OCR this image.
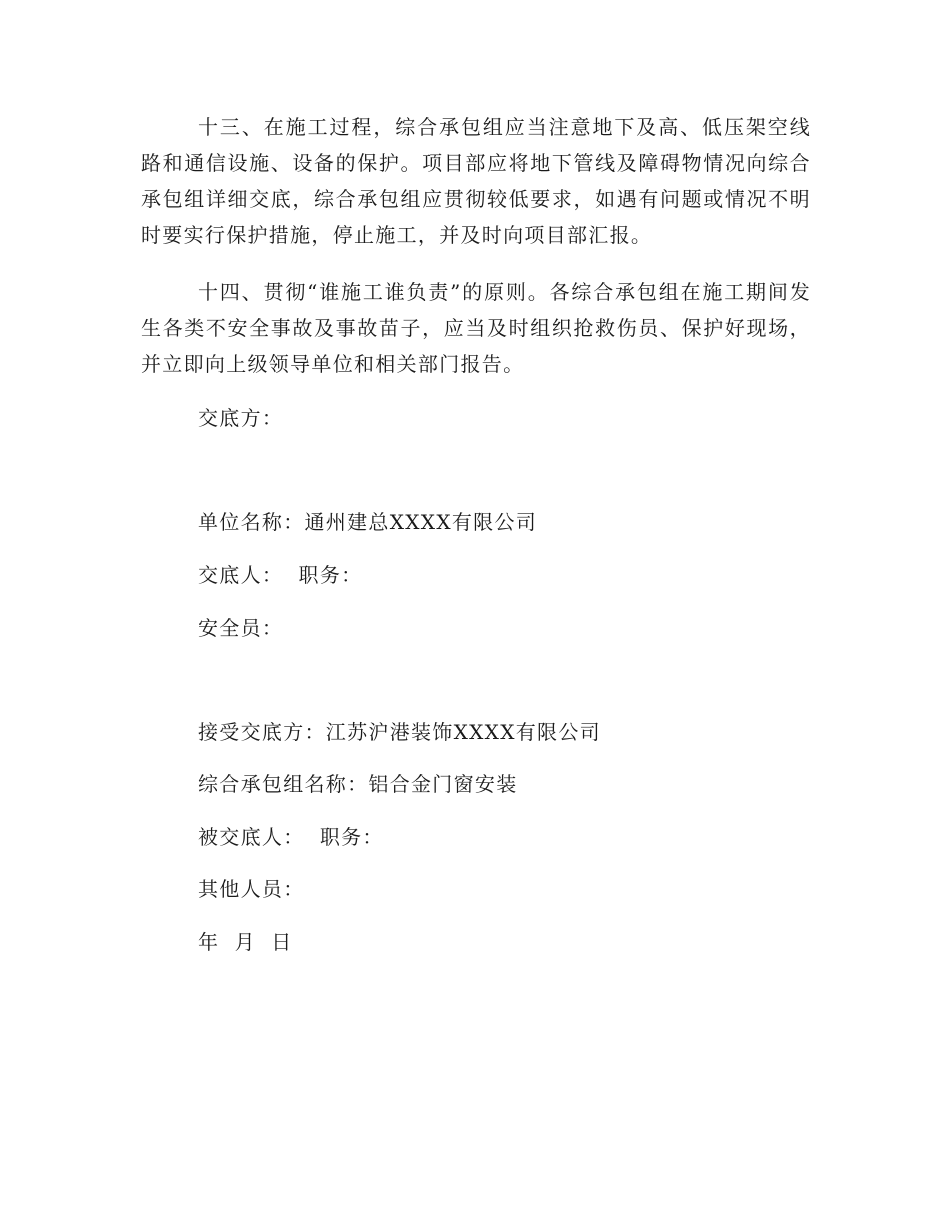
十三、在施工过程，综合承包组应当注意地下及高、低压架空线路和通信设施、设备的保护。项目部应将地下管线及障碍物情况向综合承包组详细交底，综合承包组应贯彻较低要求，如遇有问题或情况不明时要实行保护措施，停止施工，并及时向项目部汇报。

十四、贯彻“谁施工谁负责”的原则。各综合承包组在施工期间发生各类不安全事故及事故苗子，应当及时组织抢救伤员、保护好现场，并立即向上级领导单位和相关部门报告。

交底方：

单位名称：通州建总XXXX有限公司

交底人：  职务：

安全员：

接受交底方：江苏沪港装饰XXXX有限公司

综合承包组名称：铝合金门窗安装

被交底人：  职务：

其他人员：

年  月  日
